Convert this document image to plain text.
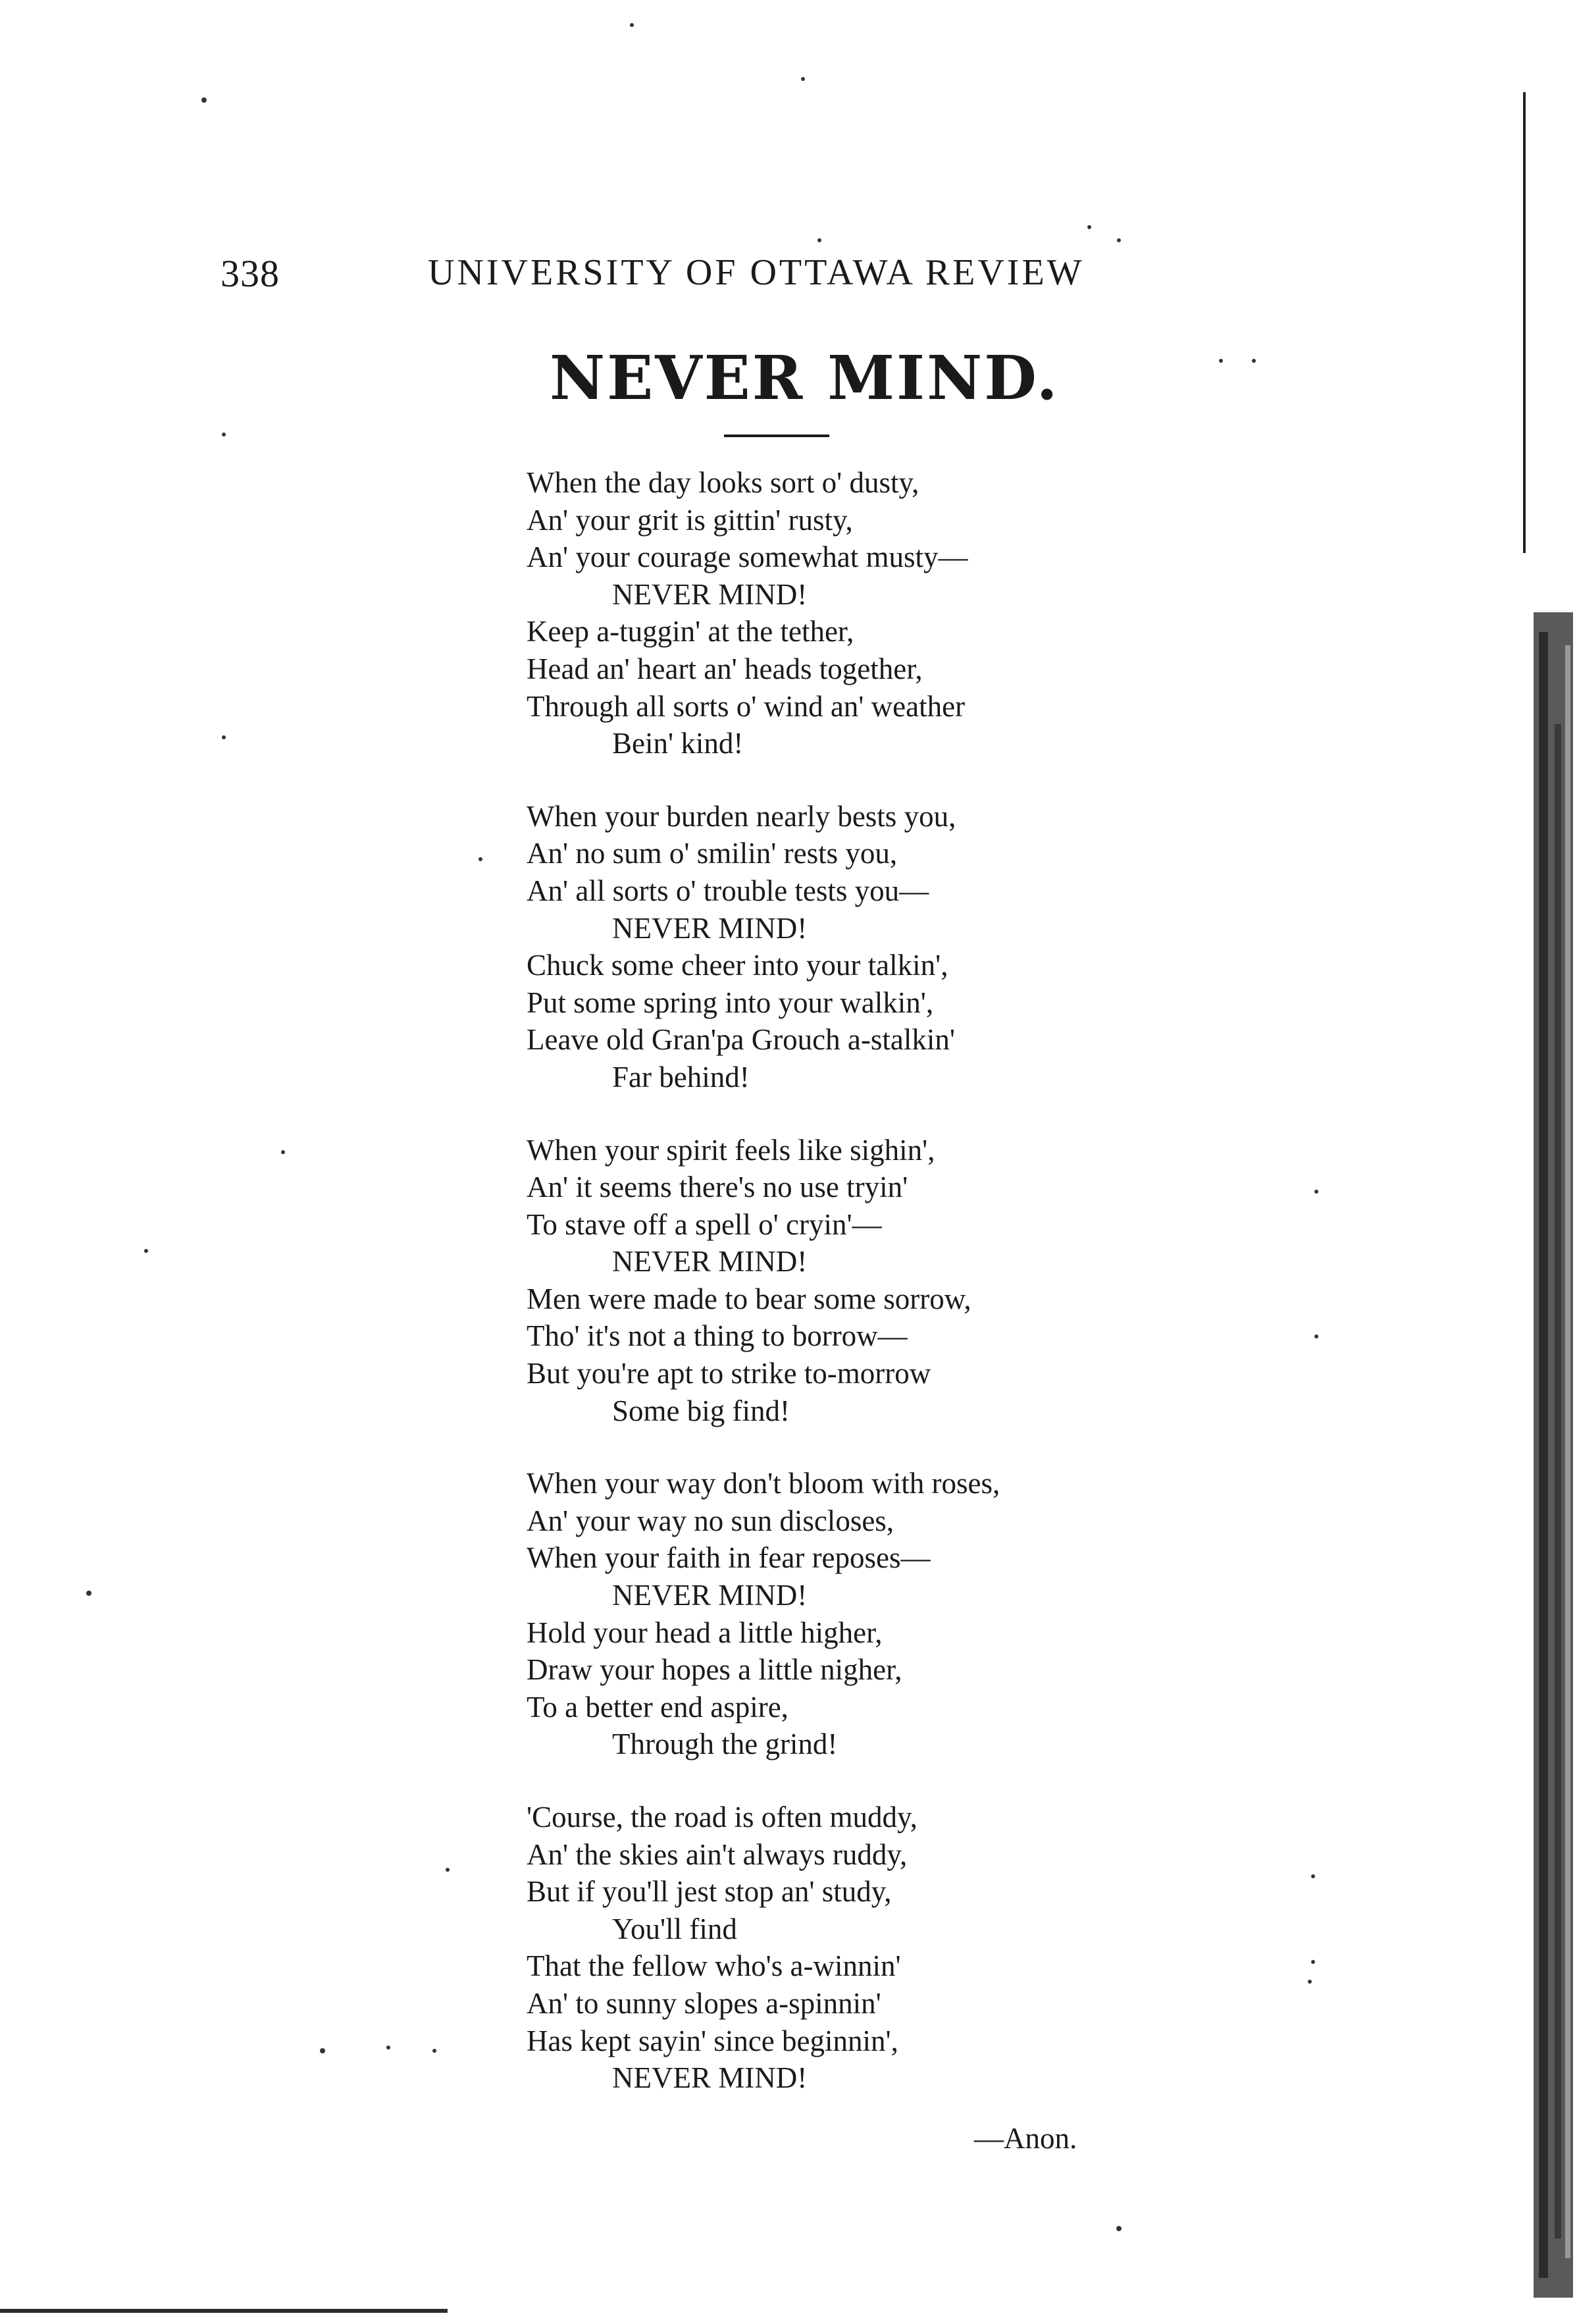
338	UNIVERSITY OF OTTAWA REVIEW
NEVER MIND.
When the day looks sort o' dusty,
An' your grit is gittin' rusty,
An' your courage somewhat musty—
NEVER MIND!
Keep a-tuggin' at the tether,
Head an' heart an' heads together,
Through all sorts o' wind an' weather
Bein' kind!
When your burden nearly bests you,
An' no sum o' smilin' rests you,
An' all sorts o' trouble tests you—
NEVER MIND!
Chuck some cheer into your talkin',
Put some spring into your walkin',
Leave old Gran'pa Grouch a-stalkin'
Far behind!
When your spirit feels like sighin',
An' it seems there's no use tryin'
To stave off a spell o' cryin'—
NEVER MIND!
Men were made to bear some sorrow,
Tho' it's not a thing to borrow—
But you're apt to strike to-morrow
Some big find!
When your way don't bloom with roses,
An' your way no sun discloses,
When your faith in fear reposes—
NEVER MIND!
Hold your head a little higher,
Draw your hopes a little nigher,
To a better end aspire,
Through the grind!
'Course, the road is often muddy,
An' the skies ain't always ruddy,
But if you'll jest stop an' study,
You'll find
That the fellow who's a-winnin'
An' to sunny slopes a-spinnin'
Has kept sayin' since beginnin',
NEVER MIND!
—Anon.
